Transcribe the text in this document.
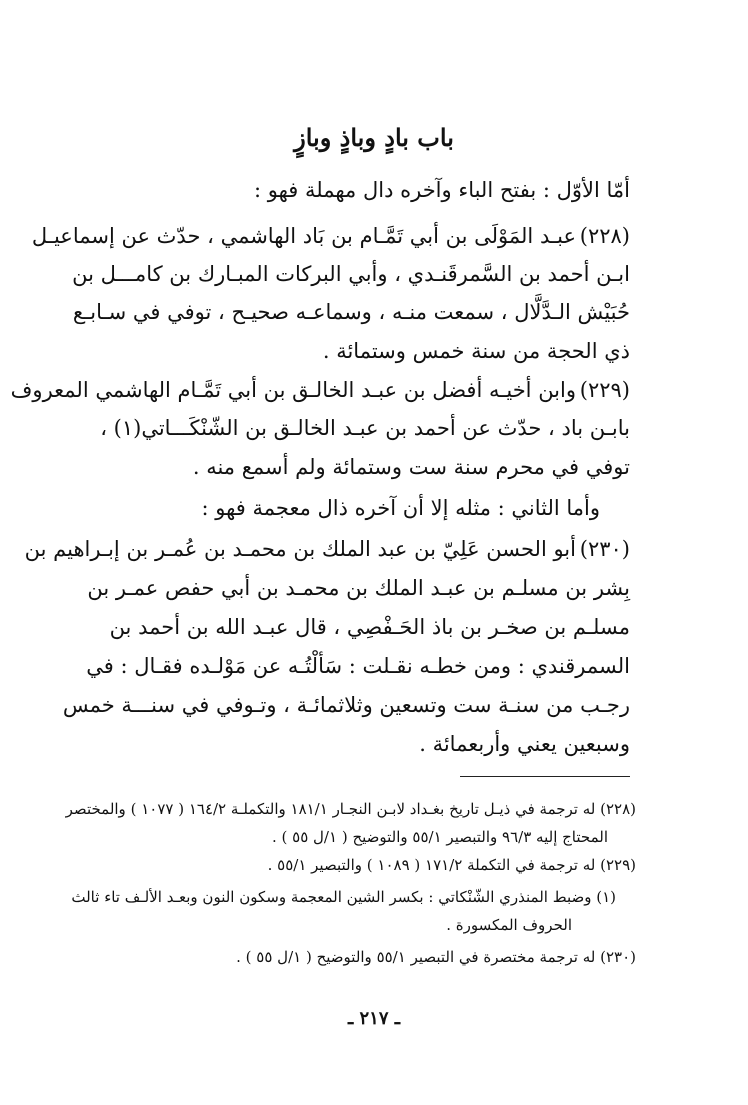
باب بادٍ وباذٍ وبازٍ
أمّا الأوّل : بفتح الباء وآخره دال مهملة فهو :
(٢٢٨)
عبـد المَوْلَى بن أبي تَمَّـام بن بَاد الهاشمي ، حدّث عن إسماعيـل
ابـن أحمد بن السَّمرقَنـدي ، وأبي البركات المبـارك بن كامـــل بن
حُبَيْش الـدَّلَّال ، سمعت منـه ، وسماعـه صحيـح ، توفي في سـابـع
ذي الحجة من سنة خمس وستمائة .
(٢٢٩)
وابن أخيـه أفضل بن عبـد الخالـق بن أبي تَمَّـام الهاشمي المعروف
بابـن باد ، حدّث عن أحمد بن عبـد الخالـق بن الشّنْكَـــاتي(١) ،
توفي في محرم سنة ست وستمائة ولم أسمع منه .
وأما الثاني : مثله إلا أن آخره ذال معجمة فهو :
(٢٣٠)
أبو الحسن عَلِيّ بن عبد الملك بن محمـد بن عُمـر بن إبـراهيم بن
بِشر بن مسلـم بن عبـد الملك بن محمـد بن أبي حفص عمـر بن
مسلـم بن صخـر بن باذ الحَـفْصِي ، قال عبـد الله بن أحمد بن
السمرقندي : ومن خطـه نقـلت : سَألْتُـه عن مَوْلـده فقـال : في
رجـب من سنـة ست وتسعين وثلاثمائـة ، وتـوفي في سنـــة خمس
وسبعين يعني وأربعمائة .
(٢٢٨) له ترجمة في ذيـل تاريخ بغـداد لابـن النجـار ١٨١/١ والتكملـة ١٦٤/٢ ( ١٠٧٧ ) والمختصر
المحتاج إليه ٩٦/٣ والتبصير ٥٥/١ والتوضيح ( ١/ل ٥٥ ) .
(٢٢٩) له ترجمة في التكملة ١٧١/٢ ( ١٠٨٩ ) والتبصير ٥٥/١ .
(١) وضبط المنذري الشّنْكاتي : بكسر الشين المعجمة وسكون النون وبعـد الألـف تاء ثالث
الحروف المكسورة .
(٢٣٠) له ترجمة مختصرة في التبصير ٥٥/١ والتوضيح ( ١/ل ٥٥ ) .
ـ ٢١٧ ـ
